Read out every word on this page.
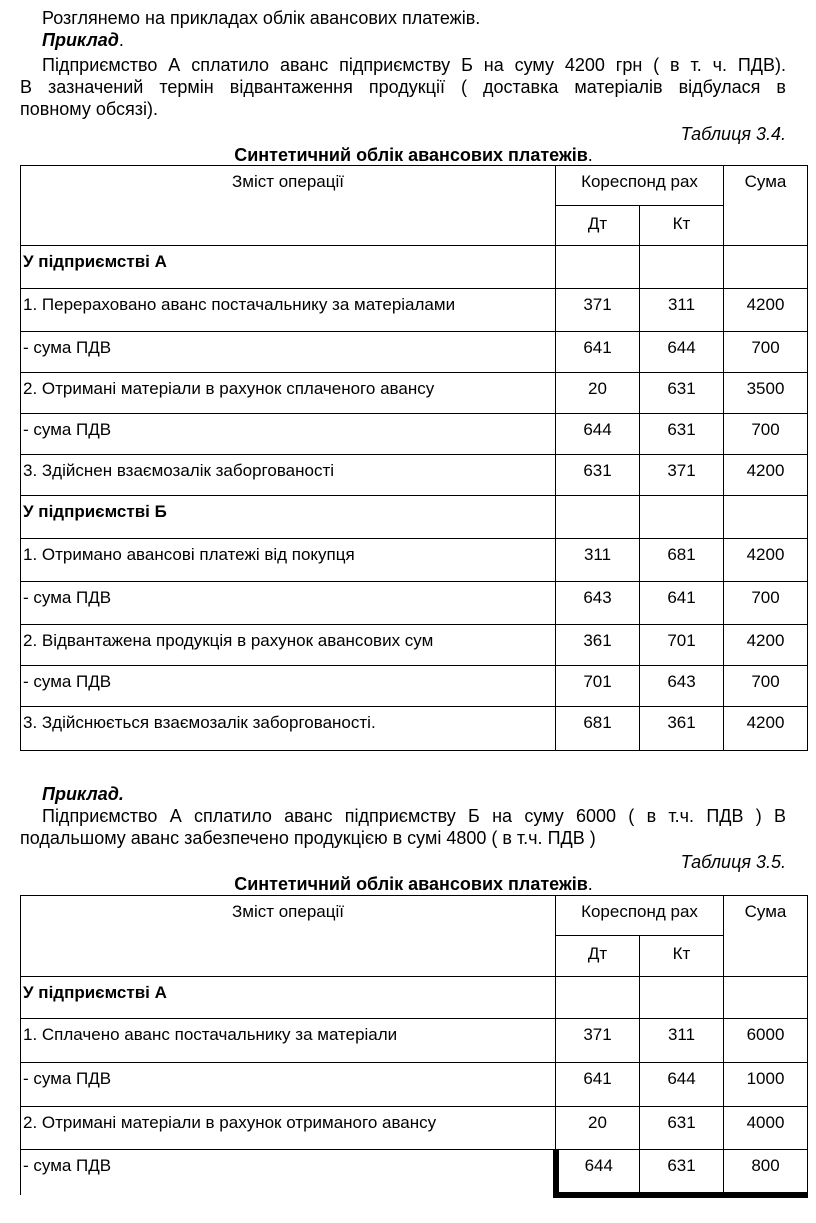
Розглянемо на прикладах облік авансових платежів.
Приклад.
Підприємство А сплатило аванс підприємству Б на суму 4200 грн ( в т. ч. ПДВ).
В зазначений термін відвантаження продукції ( доставка матеріалів відбулася в
повному обсязі).
Таблиця 3.4.
Синтетичний облік авансових платежів.
Зміст операції	Кореспонд рах		Сума
	Дт	Кт	
У підприємстві А			
1. Перераховано аванс постачальнику за матеріалами	371	311	4200
- сума ПДВ	641	644	700
2. Отримані матеріали в рахунок сплаченого авансу	20	631	3500
- сума ПДВ	644	631	700
3. Здійснен взаємозалік заборгованості	631	371	4200
У підприємстві Б			
1. Отримано авансові платежі від покупця	311	681	4200
- сума ПДВ	643	641	700
2. Відвантажена продукція в рахунок авансових сум	361	701	4200
- сума ПДВ	701	643	700
3. Здійснюється взаємозалік заборгованості.	681	361	4200
Приклад.
Підприємство А сплатило аванс підприємству Б на суму 6000 ( в т.ч. ПДВ ) В
подальшому аванс забезпечено продукцією в сумі 4800 ( в т.ч. ПДВ )
Таблиця 3.5.
Синтетичний облік авансових платежів.
Зміст операції	Кореспонд рах		Сума
	Дт	Кт	
У підприємстві А			
1. Сплачено аванс постачальнику за матеріали	371	311	6000
- сума ПДВ	641	644	1000
2. Отримані матеріали в рахунок отриманого авансу	20	631	4000
- сума ПДВ	644	631	800
